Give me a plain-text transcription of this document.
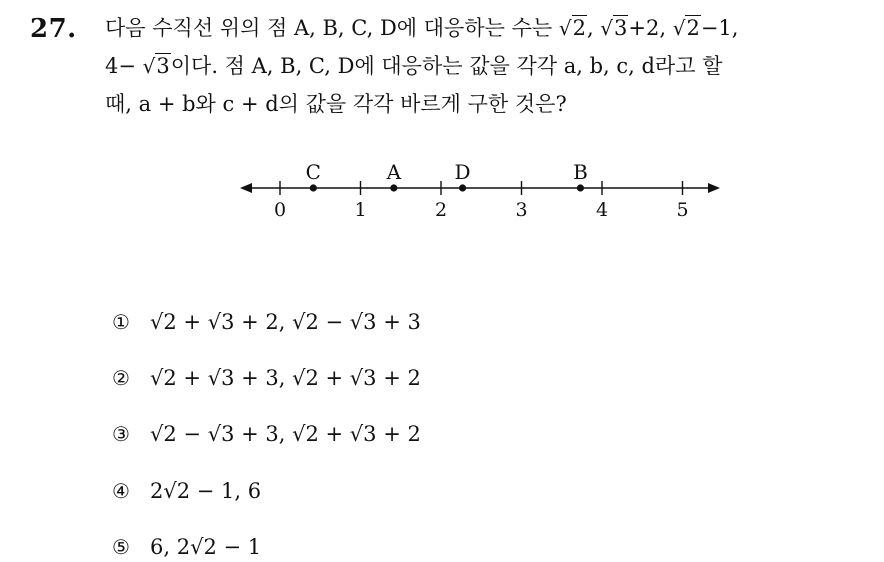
27. 다음 수직선 위의 점 A, B, C, D에 대응하는 수는 √2, √3+2, √2−1,
4− √3이다. 점 A, B, C, D에 대응하는 값을 각각 a, b, c, d라고 할
때, a + b와 c + d의 값을 각각 바르게 구한 것은?
0	1	2	3	4	5
A	B
C	D
① √2 + √3 + 2, √2 − √3 + 3
② √2 + √3 + 3, √2 + √3 + 2
③ √2 − √3 + 3, √2 + √3 + 2
④ 2√2 − 1, 6
⑤ 6, 2√2 − 1
